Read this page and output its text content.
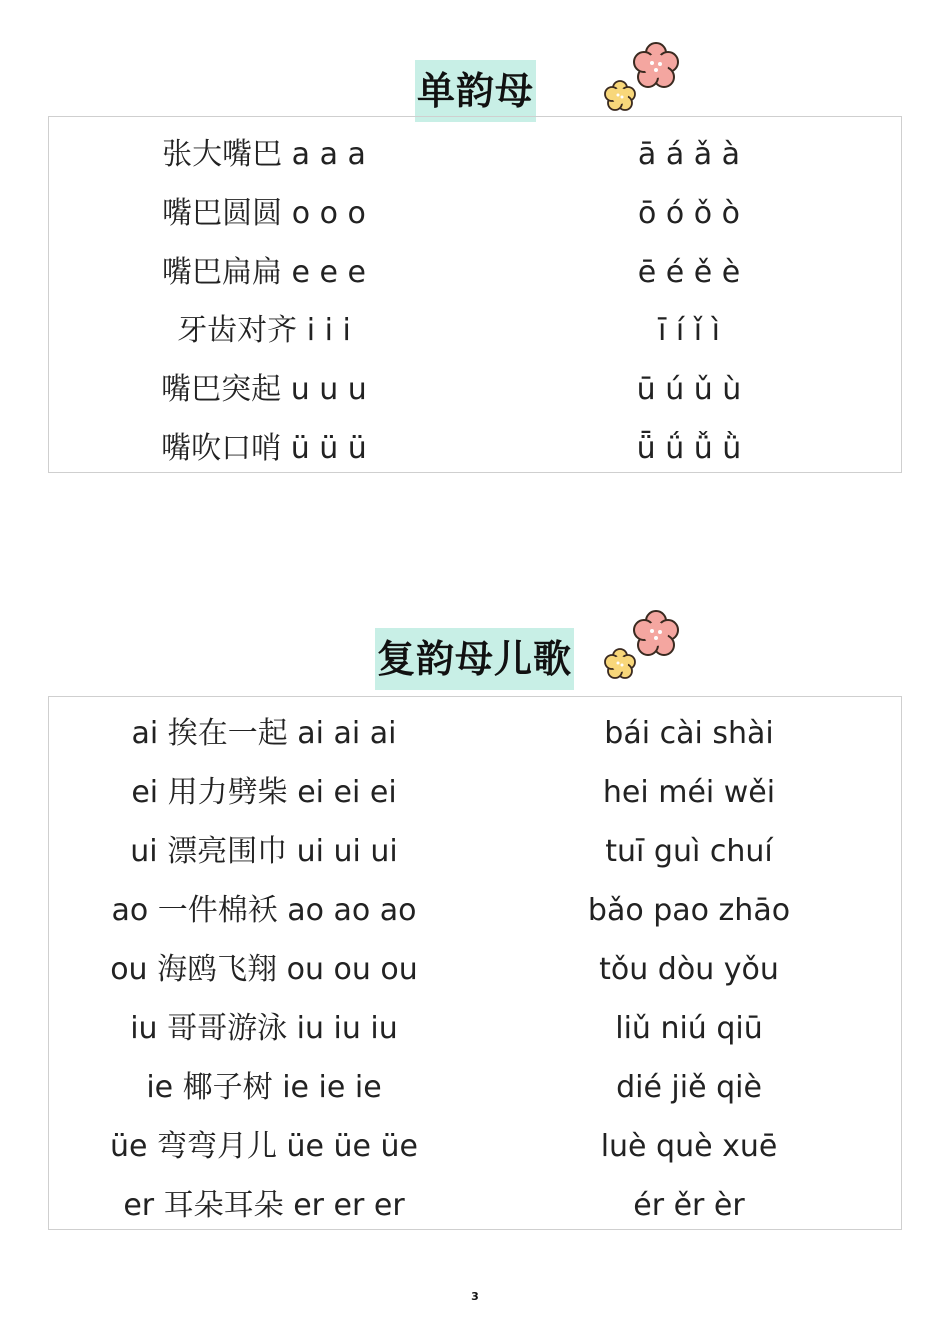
单韵母
张大嘴巴 a a a	ā á ǎ à
嘴巴圆圆 o o o	ō ó ǒ ò
嘴巴扁扁 e e e	ē é ě è
牙齿对齐 i i i	ī í ǐ ì
嘴巴突起 u u u	ū ú ǔ ù
嘴吹口哨 ü ü ü	ǖ ǘ ǚ ǜ
复韵母儿歌
ai 挨在一起 ai ai ai	bái cài shài
ei 用力劈柴 ei ei ei	hei méi wěi
ui 漂亮围巾 ui ui ui	tuī guì chuí
ao 一件棉袄 ao ao ao	bǎo pao zhāo
ou 海鸥飞翔 ou ou ou	tǒu dòu yǒu
iu 哥哥游泳 iu iu iu	liǔ niú qiū
ie 椰子树 ie ie ie	dié jiě qiè
üe 弯弯月儿 üe üe üe	luè què xuē
er 耳朵耳朵 er er er	ér ěr èr
3
